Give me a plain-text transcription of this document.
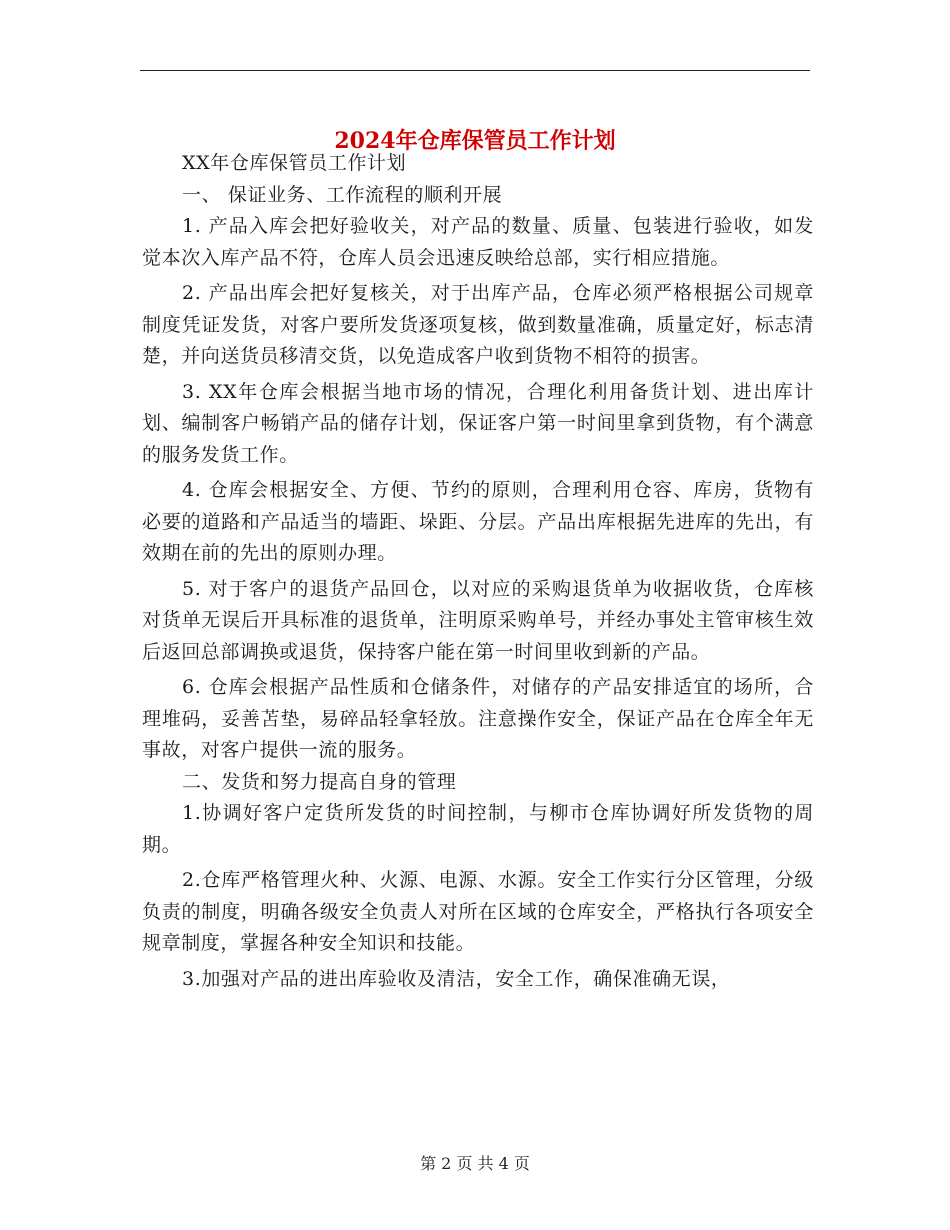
2024年仓库保管员工作计划

XX年仓库保管员工作计划

一、 保证业务、工作流程的顺利开展

1. 产品入库会把好验收关，对产品的数量、质量、包装进行验收，如发觉本次入库产品不符，仓库人员会迅速反映给总部，实行相应措施。

2. 产品出库会把好复核关，对于出库产品，仓库必须严格根据公司规章制度凭证发货，对客户要所发货逐项复核，做到数量准确，质量定好，标志清楚，并向送货员移清交货，以免造成客户收到货物不相符的损害。

3. XX年仓库会根据当地市场的情况，合理化利用备货计划、进出库计划、编制客户畅销产品的储存计划，保证客户第一时间里拿到货物，有个满意的服务发货工作。

4. 仓库会根据安全、方便、节约的原则，合理利用仓容、库房，货物有必要的道路和产品适当的墙距、垛距、分层。产品出库根据先进库的先出，有效期在前的先出的原则办理。

5. 对于客户的退货产品回仓，以对应的采购退货单为收据收货，仓库核对货单无误后开具标准的退货单，注明原采购单号，并经办事处主管审核生效后返回总部调换或退货，保持客户能在第一时间里收到新的产品。

6. 仓库会根据产品性质和仓储条件，对储存的产品安排适宜的场所，合理堆码，妥善苫垫，易碎品轻拿轻放。注意操作安全，保证产品在仓库全年无事故，对客户提供一流的服务。

二、发货和努力提高自身的管理

1.协调好客户定货所发货的时间控制，与柳市仓库协调好所发货物的周期。

2.仓库严格管理火种、火源、电源、水源。安全工作实行分区管理，分级负责的制度，明确各级安全负责人对所在区域的仓库安全，严格执行各项安全规章制度，掌握各种安全知识和技能。

3.加强对产品的进出库验收及清洁，安全工作，确保准确无误，

第 2 页 共 4 页
